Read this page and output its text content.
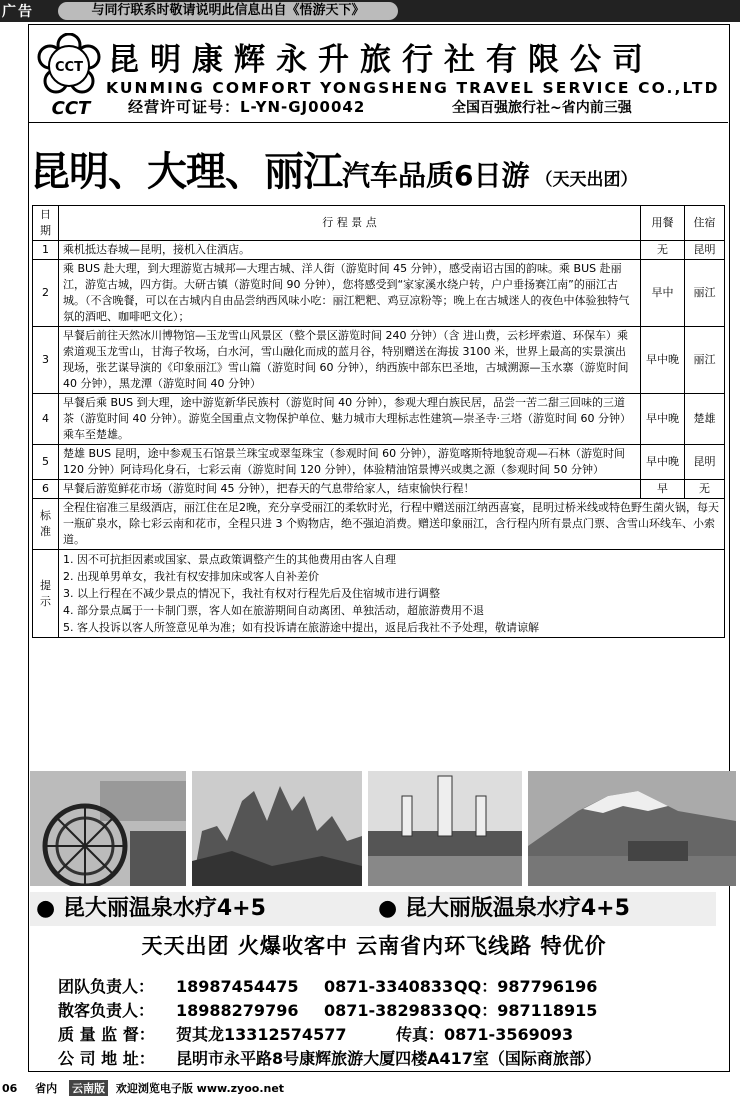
广告	与同行联系时敬请说明此信息出自《悟游天下》
CCT
CCT
昆明康辉永升旅行社有限公司
KUNMING COMFORT YONGSHENG TRAVEL SERVICE CO.,LTD
经营许可证号：L-YN-GJ00042	全国百强旅行社~省内前三强
昆明、大理、丽江汽车品质6日游 （天天出团）
日期	行 程 景 点	用餐	住宿
1	乘机抵达春城—昆明，接机入住酒店。	无	昆明
2	乘 BUS 赴大理，到大理游览古城邦—大理古城、洋人街（游览时间 45 分钟），感受南诏古国的韵味。乘 BUS 赴丽江，游览古城，四方街。大研古镇（游览时间 90 分钟），您将感受到“家家溪水绕户转，户户垂扬赛江南”的丽江古城。（不含晚餐，可以在古城内自由品尝纳西风味小吃：丽江粑粑、鸡豆凉粉等；晚上在古城迷人的夜色中体验独特气氛的酒吧、咖啡吧文化）；	早中	丽江
3	早餐后前往天然冰川博物馆—玉龙雪山风景区（整个景区游览时间 240 分钟）（含 进山费，云杉坪索道、环保车）乘索道观玉龙雪山，甘海子牧场，白水河，雪山融化而成的蓝月谷，特别赠送在海拔 3100 米，世界上最高的实景演出现场，张艺谋导演的《印象丽江》雪山篇（游览时间 60 分钟），纳西族中部东巴圣地，古城溯源—玉水寨（游览时间 40 分钟），黑龙潭（游览时间 40 分钟）	早中晚	丽江
4	早餐后乘 BUS 到大理，途中游览新华民族村（游览时间 40 分钟），参观大理白族民居，品尝一苦二甜三回味的三道茶（游览时间 40 分钟）。游览全国重点文物保护单位、魅力城市大理标志性建筑—崇圣寺·三塔（游览时间 60 分钟）乘车至楚雄。	早中晚	楚雄
5	楚雄 BUS 昆明，途中参观玉石馆景兰珠宝或翠玺珠宝（参观时间 60 分钟），游览喀斯特地貌奇观—石林（游览时间 120 分钟）阿诗玛化身石，七彩云南（游览时间 120 分钟），体验精油馆景博兴或奥之源（参观时间 50 分钟）	早中晚	昆明
6	早餐后游览鲜花市场（游览时间 45 分钟），把春天的气息带给家人，结束愉快行程！	早	无
标准	全程住宿准三星级酒店，丽江住在足2晚，充分享受丽江的柔软时光，行程中赠送丽江纳西喜宴，昆明过桥米线或特色野生菌火锅，每天一瓶矿泉水，除七彩云南和花市，全程只进 3 个购物店，绝不强迫消费。赠送印象丽江，含行程内所有景点门票、含雪山环线车、小索道。		
提示	1. 因不可抗拒因素或国家、景点政策调整产生的其他费用由客人自理
2. 出现单男单女，我社有权安排加床或客人自补差价
3. 以上行程在不减少景点的情况下，我社有权对行程先后及住宿城市进行调整
4. 部分景点属于一卡制门票，客人如在旅游期间自动离团、单独活动，超旅游费用不退
5. 客人投诉以客人所签意见单为准；如有投诉请在旅游途中提出，返昆后我社不予处理，敬请谅解		
● 昆大丽温泉水疗4+5	● 昆大丽版温泉水疗4+5
天天出团 火爆收客中 云南省内环飞线路 特优价
团队负责人： 18987454475 0871-3340833QQ：987796196
散客负责人： 18988279796 0871-3829833QQ：987118915
质 量 监 督： 贺其龙13312574577	传真：0871-3569093
公 司 地 址： 昆明市永平路8号康辉旅游大厦四楼A417室（国际商旅部）
06 省内 云南版 欢迎浏览电子版 www.zyoo.net
